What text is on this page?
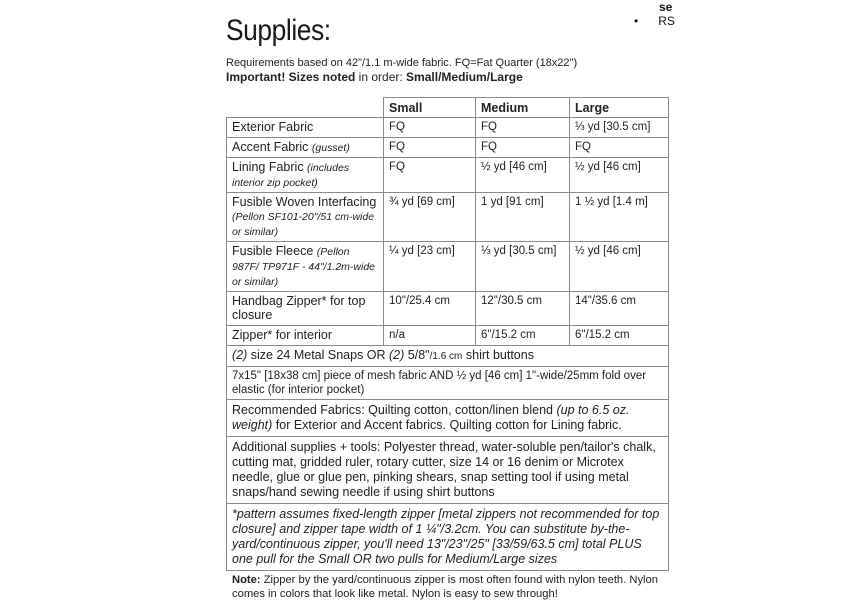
se
• RS
Supplies:
Requirements based on 42"/1.1 m-wide fabric. FQ=Fat Quarter (18x22")
Important! Sizes noted in order: Small/Medium/Large
	Small	Medium	Large
Exterior Fabric	FQ	FQ	⅓ yd [30.5 cm]
Accent Fabric (gusset)	FQ	FQ	FQ
Lining Fabric (includes interior zip pocket)	FQ	½ yd [46 cm]	½ yd [46 cm]
Fusible Woven Interfacing (Pellon SF101-20"/51 cm-wide or similar)	¾ yd [69 cm]	1 yd [91 cm]	1 ½ yd [1.4 m]
Fusible Fleece (Pellon 987F/ TP971F - 44"/1.2m-wide or similar)	¼ yd [23 cm]	⅓ yd [30.5 cm]	½ yd [46 cm]
Handbag Zipper* for top closure	10"/25.4 cm	12"/30.5 cm	14"/35.6 cm
Zipper* for interior	n/a	6"/15.2 cm	6"/15.2 cm
(2) size 24 Metal Snaps OR (2) 5/8"/1.6 cm shirt buttons			
7x15" [18x38 cm] piece of mesh fabric AND ½ yd [46 cm] 1"-wide/25mm fold over elastic (for interior pocket)			
Recommended Fabrics: Quilting cotton, cotton/linen blend (up to 6.5 oz. weight) for Exterior and Accent fabrics. Quilting cotton for Lining fabric.			
Additional supplies + tools: Polyester thread, water-soluble pen/tailor's chalk, cutting mat, gridded ruler, rotary cutter, size 14 or 16 denim or Microtex needle, glue or glue pen, pinking shears, snap setting tool if using metal snaps/hand sewing needle if using shirt buttons			
*pattern assumes fixed-length zipper [metal zippers not recommended for top closure] and zipper tape width of 1 ¼"/3.2cm. You can substitute by-the-yard/continuous zipper, you'll need 13"/23"/25" [33/59/63.5 cm] total PLUS one pull for the Small OR two pulls for Medium/Large sizes			
Note: Zipper by the yard/continuous zipper is most often found with nylon teeth. Nylon comes in colors that look like metal. Nylon is easy to sew through!
